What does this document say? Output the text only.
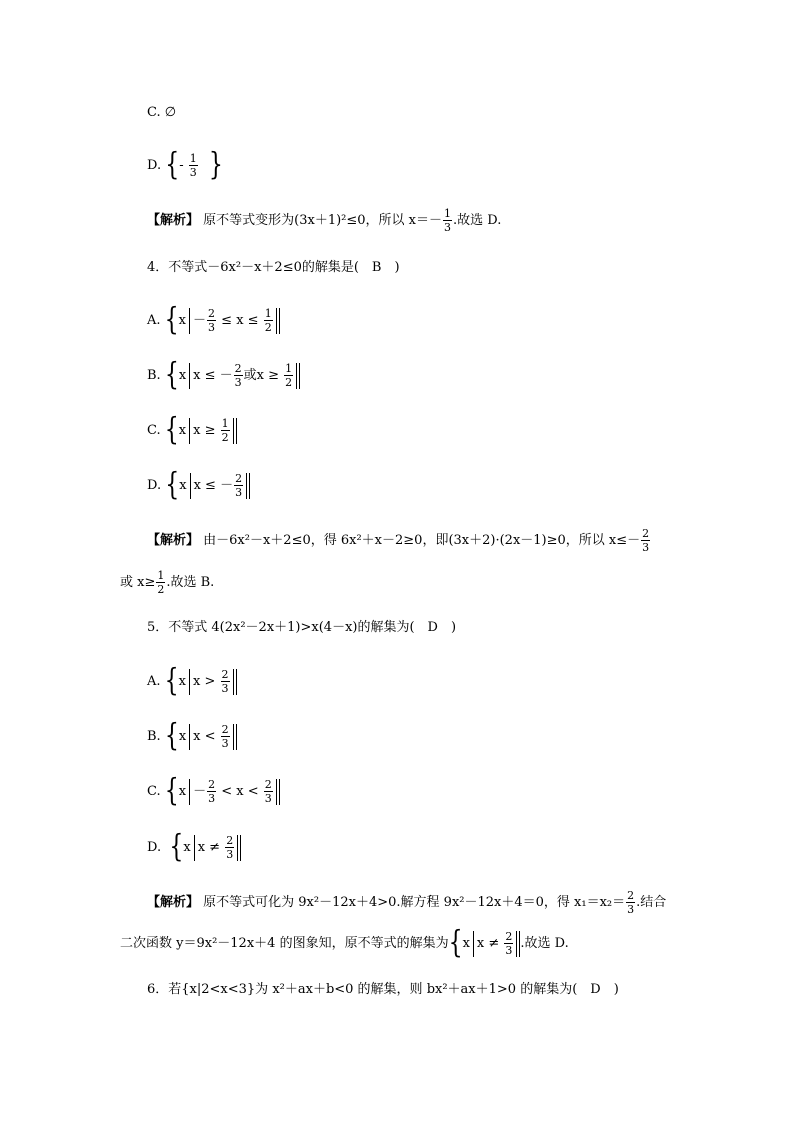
C. ∅
D. {- $\frac{1}{3}$ }
【解析】 原不等式变形为(3x＋1)²≤0，所以 $x=- \frac{1}{3}$ .故选 D.
4．不等式－6x²－x＋2≤0的解集是(　B　)
A. {$x - \frac{2}{3} \le x \le \frac{1}{2}$
B. {x x ≤ － $\frac{2}{3}$ 或$x \ge \frac{1}{2}$
C. {x $x \ge \frac{1}{2}$
D. {x x ≤ － $\frac{2}{3}$
【解析】 由－6x²－x＋2≤0，得 6x²＋x－2≥0，即(3x＋2)·(2x－1)≥0，所以 $x\le- \frac{2}{3}$
或 $x\ge \frac{1}{2}$ .故选 B.
5．不等式 4(2x²－2x＋1)>x(4－x)的解集为(　D　)
A. {x $x > \frac{2}{3}$
B. {x $x < \frac{2}{3}$
C. {$x - \frac{2}{3} < x < \frac{2}{3}$
D. {x $x \ne \frac{2}{3}$
【解析】 原不等式可化为 9x²－12x＋4>0.解方程 9x²－12x＋4＝0，得 $x_1=x_2= \frac{2}{3}$ .结合
二次函数 y＝9x²－12x＋4 的图象知，原不等式的解集为{x $x \ne \frac{2}{3}$ .故选 D.
6．若{x|2<x<3}为 x²＋ax＋b<0 的解集，则 bx²＋ax＋1>0 的解集为(　D　)
